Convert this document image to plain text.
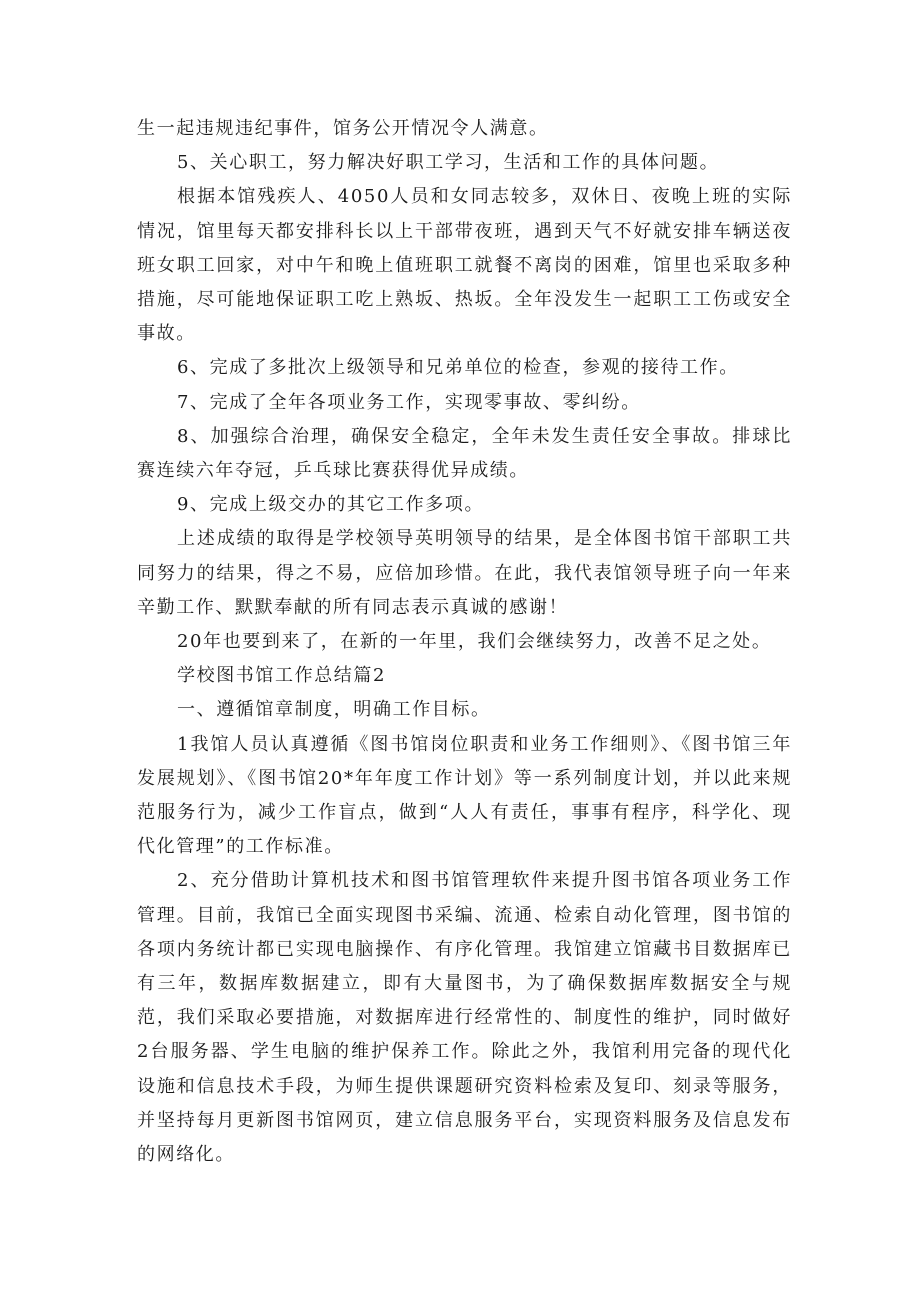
生一起违规违纪事件，馆务公开情况令人满意。

5、关心职工，努力解决好职工学习，生活和工作的具体问题。

根据本馆残疾人、4050人员和女同志较多，双休日、夜晚上班的实际情况，馆里每天都安排科长以上干部带夜班，遇到天气不好就安排车辆送夜班女职工回家，对中午和晚上值班职工就餐不离岗的困难，馆里也采取多种措施，尽可能地保证职工吃上熟坂、热坂。全年没发生一起职工工伤或安全事故。

6、完成了多批次上级领导和兄弟单位的检查，参观的接待工作。

7、完成了全年各项业务工作，实现零事故、零纠纷。

8、加强综合治理，确保安全稳定，全年未发生责任安全事故。排球比赛连续六年夺冠，乒乓球比赛获得优异成绩。

9、完成上级交办的其它工作多项。

上述成绩的取得是学校领导英明领导的结果，是全体图书馆干部职工共同努力的结果，得之不易，应倍加珍惜。在此，我代表馆领导班子向一年来辛勤工作、默默奉献的所有同志表示真诚的感谢！

20年也要到来了，在新的一年里，我们会继续努力，改善不足之处。

学校图书馆工作总结篇2

一、遵循馆章制度，明确工作目标。

1我馆人员认真遵循《图书馆岗位职责和业务工作细则》、《图书馆三年发展规划》、《图书馆20*年年度工作计划》等一系列制度计划，并以此来规范服务行为，减少工作盲点，做到“人人有责任，事事有程序，科学化、现代化管理”的工作标准。

2、充分借助计算机技术和图书馆管理软件来提升图书馆各项业务工作管理。目前，我馆已全面实现图书采编、流通、检索自动化管理，图书馆的各项内务统计都已实现电脑操作、有序化管理。我馆建立馆藏书目数据库已有三年，数据库数据建立，即有大量图书，为了确保数据库数据安全与规范，我们采取必要措施，对数据库进行经常性的、制度性的维护，同时做好2台服务器、学生电脑的维护保养工作。除此之外，我馆利用完备的现代化设施和信息技术手段，为师生提供课题研究资料检索及复印、刻录等服务，并坚持每月更新图书馆网页，建立信息服务平台，实现资料服务及信息发布的网络化。
